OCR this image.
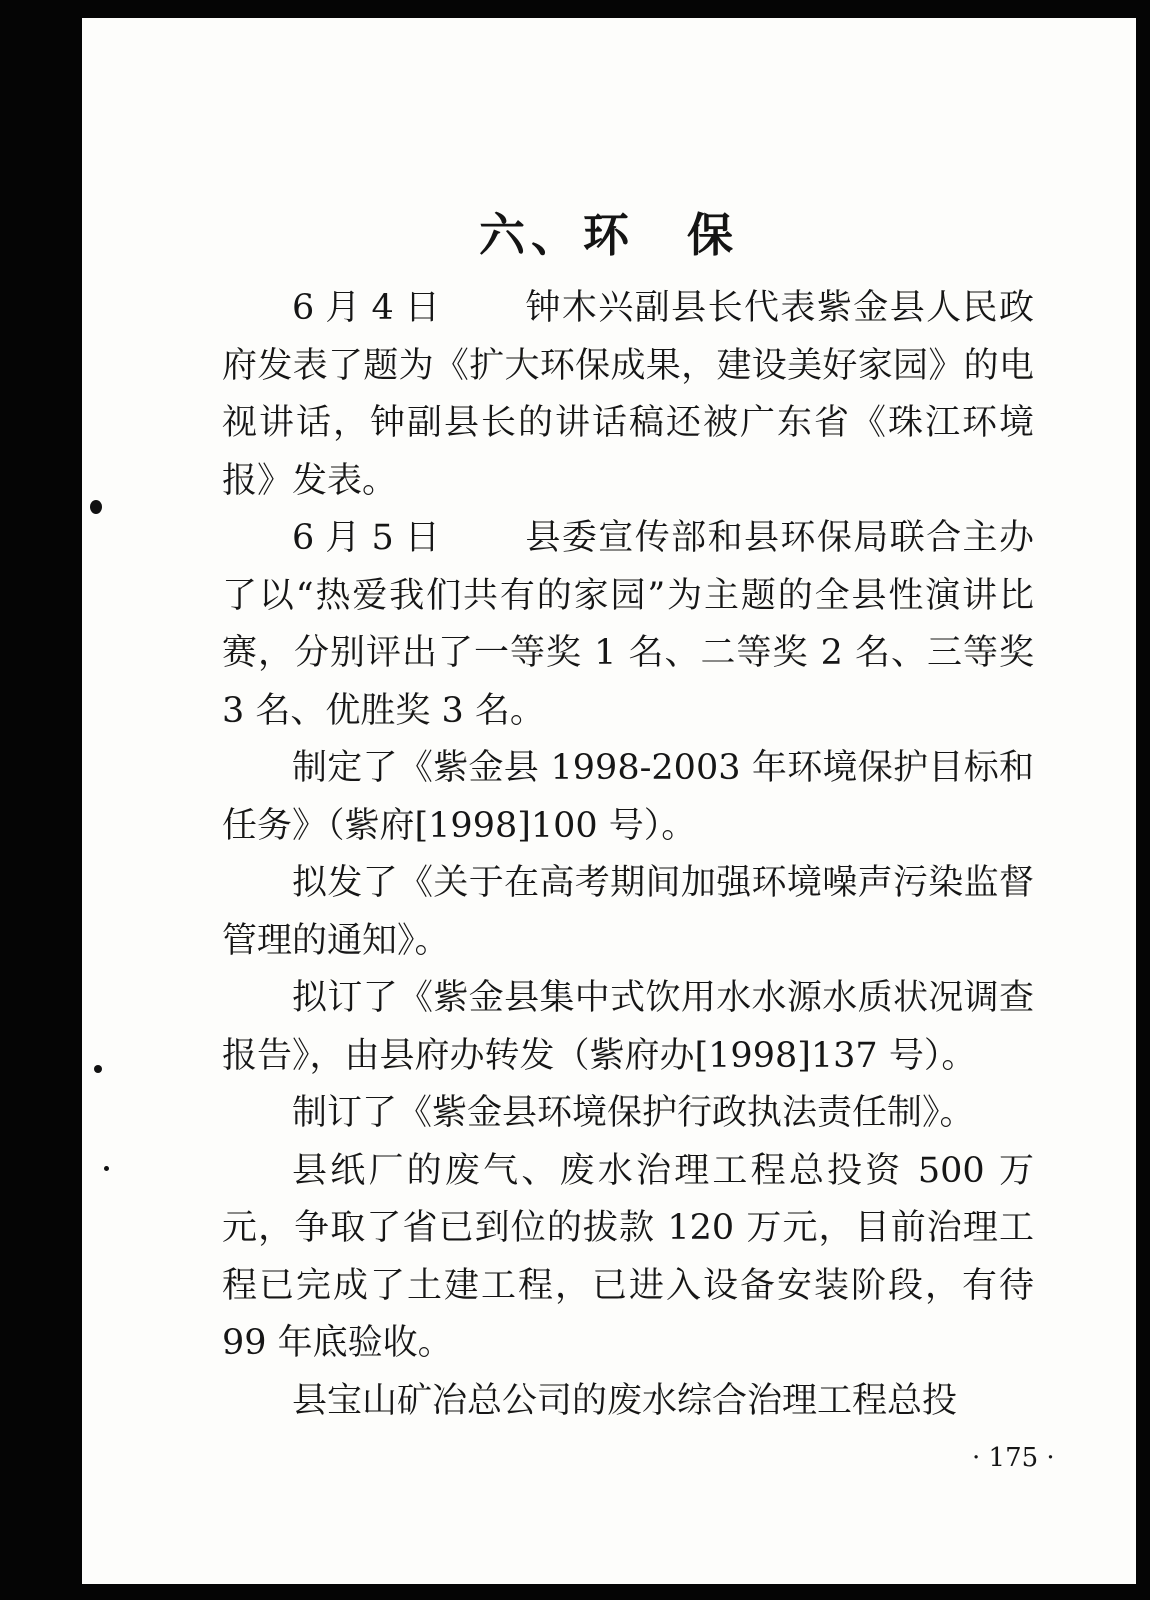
六、环　保

6 月 4 日 钟木兴副县长代表紫金县人民政府发表了题为《扩大环保成果，建设美好家园》的电视讲话，钟副县长的讲话稿还被广东省《珠江环境报》发表。

6 月 5 日 县委宣传部和县环保局联合主办了以“热爱我们共有的家园”为主题的全县性演讲比赛，分别评出了一等奖 1 名、二等奖 2 名、三等奖 3 名、优胜奖 3 名。

制定了《紫金县 1998-2003 年环境保护目标和任务》（紫府[1998]100 号）。

拟发了《关于在高考期间加强环境噪声污染监督管理的通知》。

拟订了《紫金县集中式饮用水水源水质状况调查报告》，由县府办转发（紫府办[1998]137 号）。

制订了《紫金县环境保护行政执法责任制》。

县纸厂的废气、废水治理工程总投资 500 万元，争取了省已到位的拔款 120 万元，目前治理工程已完成了土建工程，已进入设备安装阶段，有待 99 年底验收。

县宝山矿冶总公司的废水综合治理工程总投

· 175 ·
